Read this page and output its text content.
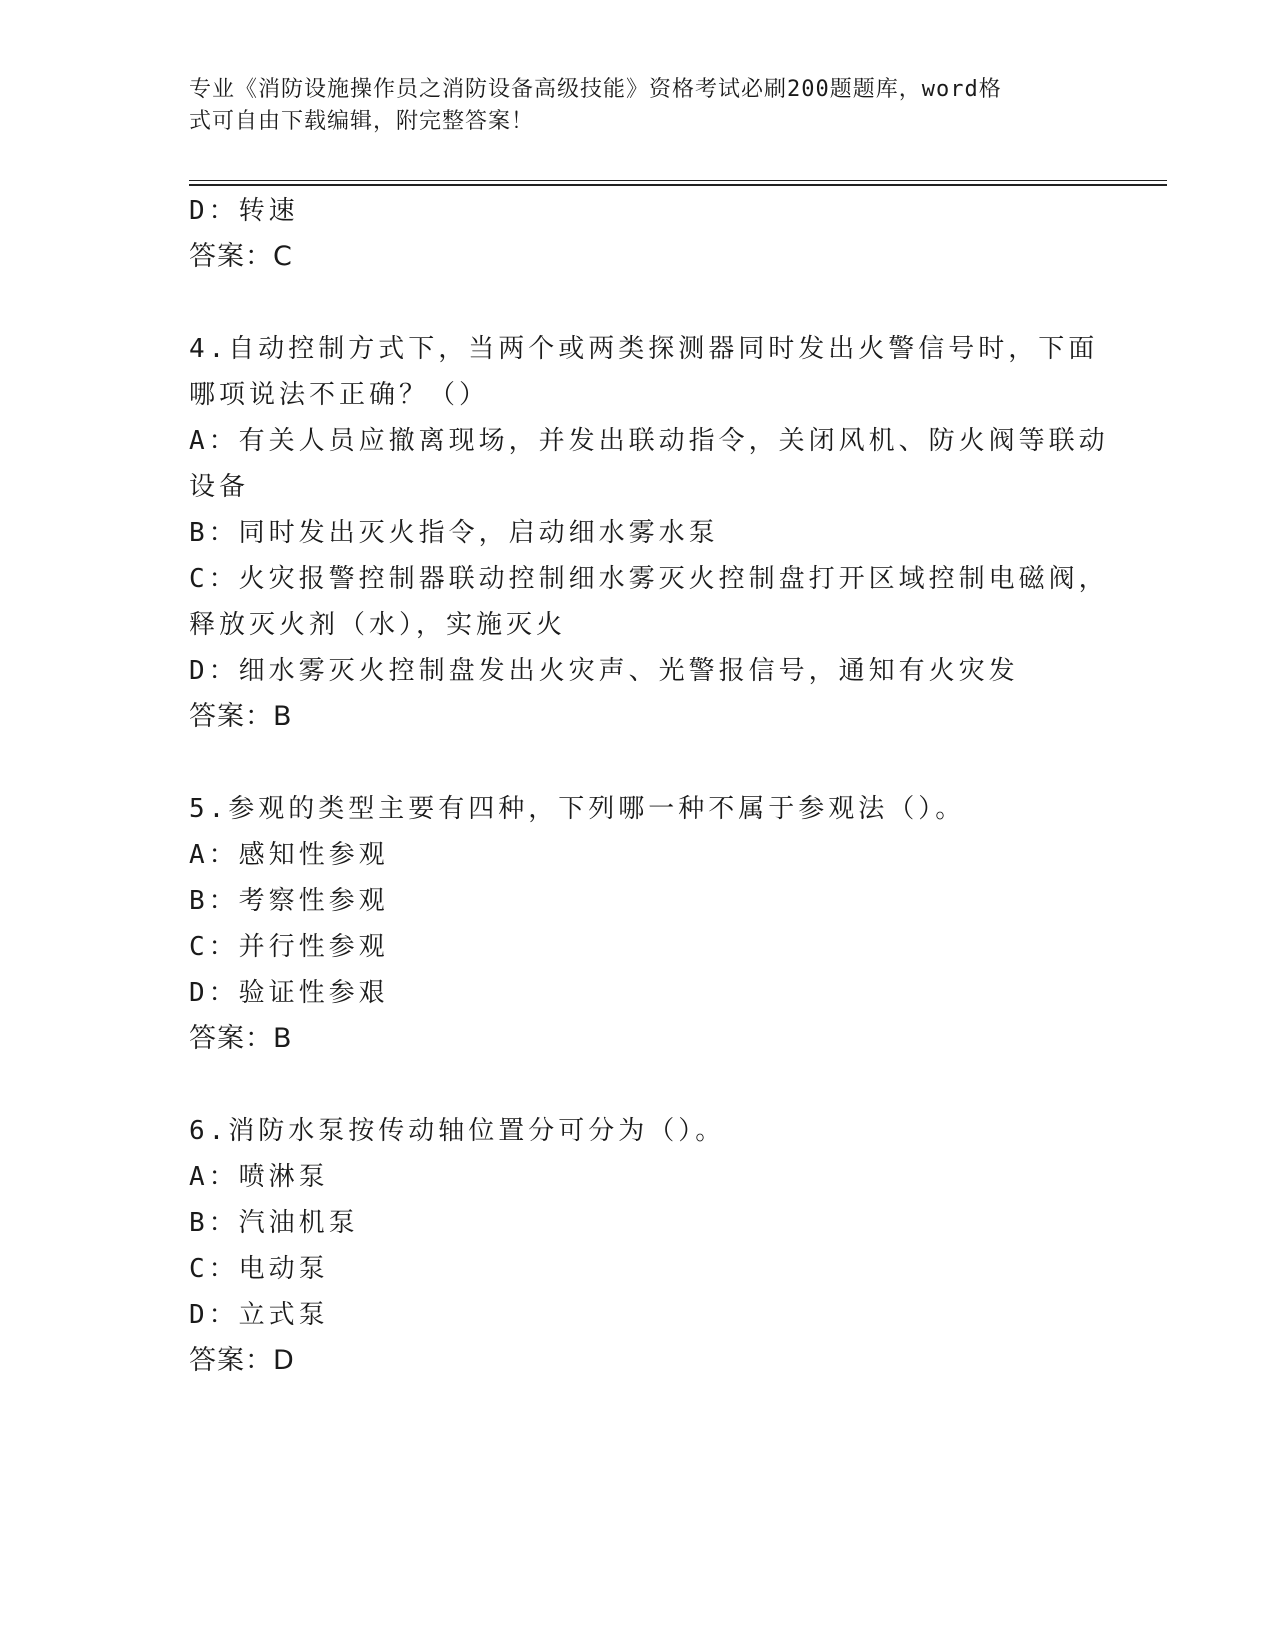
专业《消防设施操作员之消防设备高级技能》资格考试必刷200题题库，word格
式可自由下载编辑，附完整答案！
D：转速
答案：C
4.自动控制方式下，当两个或两类探测器同时发出火警信号时，下面
哪项说法不正确？（）
A：有关人员应撤离现场，并发出联动指令，关闭风机、防火阀等联动
设备
B：同时发出灭火指令，启动细水雾水泵
C：火灾报警控制器联动控制细水雾灭火控制盘打开区域控制电磁阀，
释放灭火剂（水），实施灭火
D：细水雾灭火控制盘发出火灾声、光警报信号，通知有火灾发
答案：B
5.参观的类型主要有四种，下列哪一种不属于参观法（）。
A：感知性参观
B：考察性参观
C：并行性参观
D：验证性参艰
答案：B
6.消防水泵按传动轴位置分可分为（）。
A：喷淋泵
B：汽油机泵
C：电动泵
D：立式泵
答案：D
